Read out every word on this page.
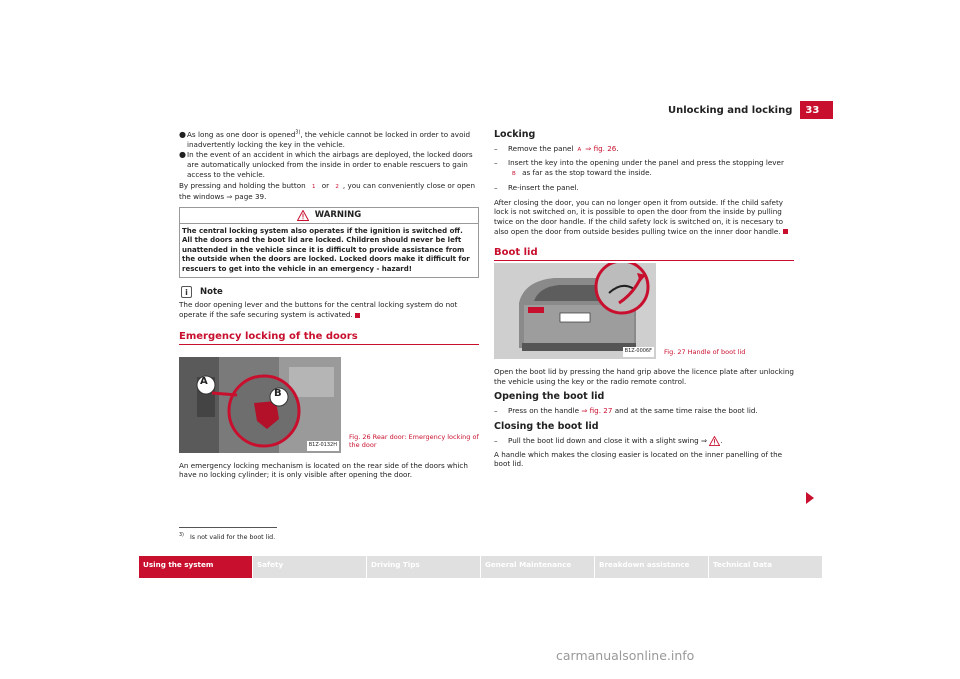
Unlocking and locking	33
● As long as one door is opened$^{3)}$, the vehicle cannot be locked in order to avoid inadvertently locking the key in the vehicle.
● In the event of an accident in which the airbags are deployed, the locked doors are automatically unlocked from the inside in order to enable rescuers to gain access to the vehicle.
By pressing and holding the button 1 or 2 , you can conveniently close or open the windows ⇒ page 39.
WARNING
The central locking system also operates if the ignition is switched off. All the doors and the boot lid are locked. Children should never be left unattended in the vehicle since it is difficult to provide assistance from the outside when the doors are locked. Locked doors make it difficult for rescuers to get into the vehicle in an emergency - hazard!
i	Note
The door opening lever and the buttons for the central locking system do not operate if the safe securing system is activated.
Emergency locking of the doors
A
B
B1Z-0132H
Fig. 26 Rear door: Emergency locking of the door
An emergency locking mechanism is located on the rear side of the doors which have no locking cylinder; it is only visible after opening the door.
$^{3)}$ Is not valid for the boot lid.
Locking
–	Remove the panel A ⇒ fig. 26.
–	Insert the key into the opening under the panel and press the stopping leverB as far as the stop toward the inside.
–	Re-insert the panel.
After closing the door, you can no longer open it from outside. If the child safety lock is not switched on, it is possible to open the door from the inside by pulling twice on the door handle. If the child safety lock is switched on, it is necesary to also open the door from outside besides pulling twice on the inner door handle.
Boot lid
B1Z-0006F	Fig. 27 Handle of boot lid
Open the boot lid by pressing the hand grip above the licence plate after unlocking the vehicle using the key or the radio remote control.
Opening the boot lid
–	Press on the handle ⇒ fig. 27 and at the same time raise the boot lid.
Closing the boot lid
–	Pull the boot lid down and close it with a slight swing ⇒ .
A handle which makes the closing easier is located on the inner panelling of the boot lid.
Using the system	Safety	Driving Tips	General Maintenance	Breakdown assistance	Technical Data
carmanualsonline.info
